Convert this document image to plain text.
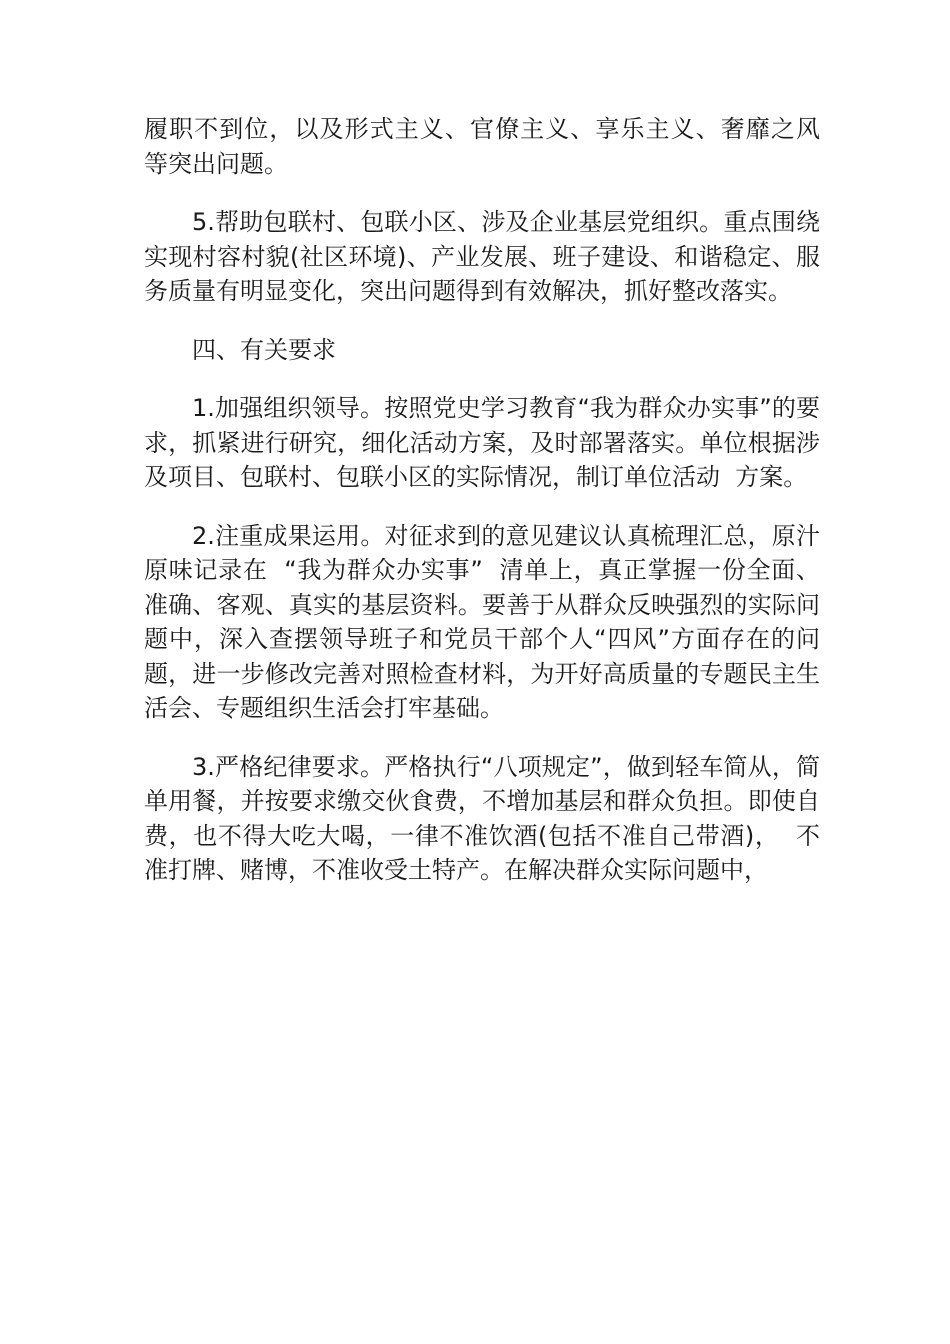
履职不到位，以及形式主义、官僚主义、享乐主义、奢靡之风  等突出问题。

5.帮助包联村、包联小区、涉及企业基层党组织。重点围绕实现村容村貌(社区环境)、产业发展、班子建设、和谐稳定、服务质量有明显变化，突出问题得到有效解决，抓好整改落实。

四、有关要求

1.加强组织领导。按照党史学习教育“我为群众办实事”的要求，抓紧进行研究，细化活动方案，及时部署落实。单位根据涉及项目、包联村、包联小区的实际情况，制订单位活动  方案。

2.注重成果运用。对征求到的意见建议认真梳理汇总，原汁原味记录在  “我为群众办实事”  清单上，真正掌握一份全面、准确、客观、真实的基层资料。要善于从群众反映强烈的实际问题中，深入查摆领导班子和党员干部个人“四风”方面存在的问题，进一步修改完善对照检查材料，为开好高质量的专题民主生活会、专题组织生活会打牢基础。

3.严格纪律要求。严格执行“八项规定”，做到轻车简从，简单用餐，并按要求缴交伙食费，不增加基层和群众负担。即使自费，也不得大吃大喝，一律不准饮酒(包括不准自己带酒)，  不准打牌、赌博，不准收受土特产。在解决群众实际问题中，
